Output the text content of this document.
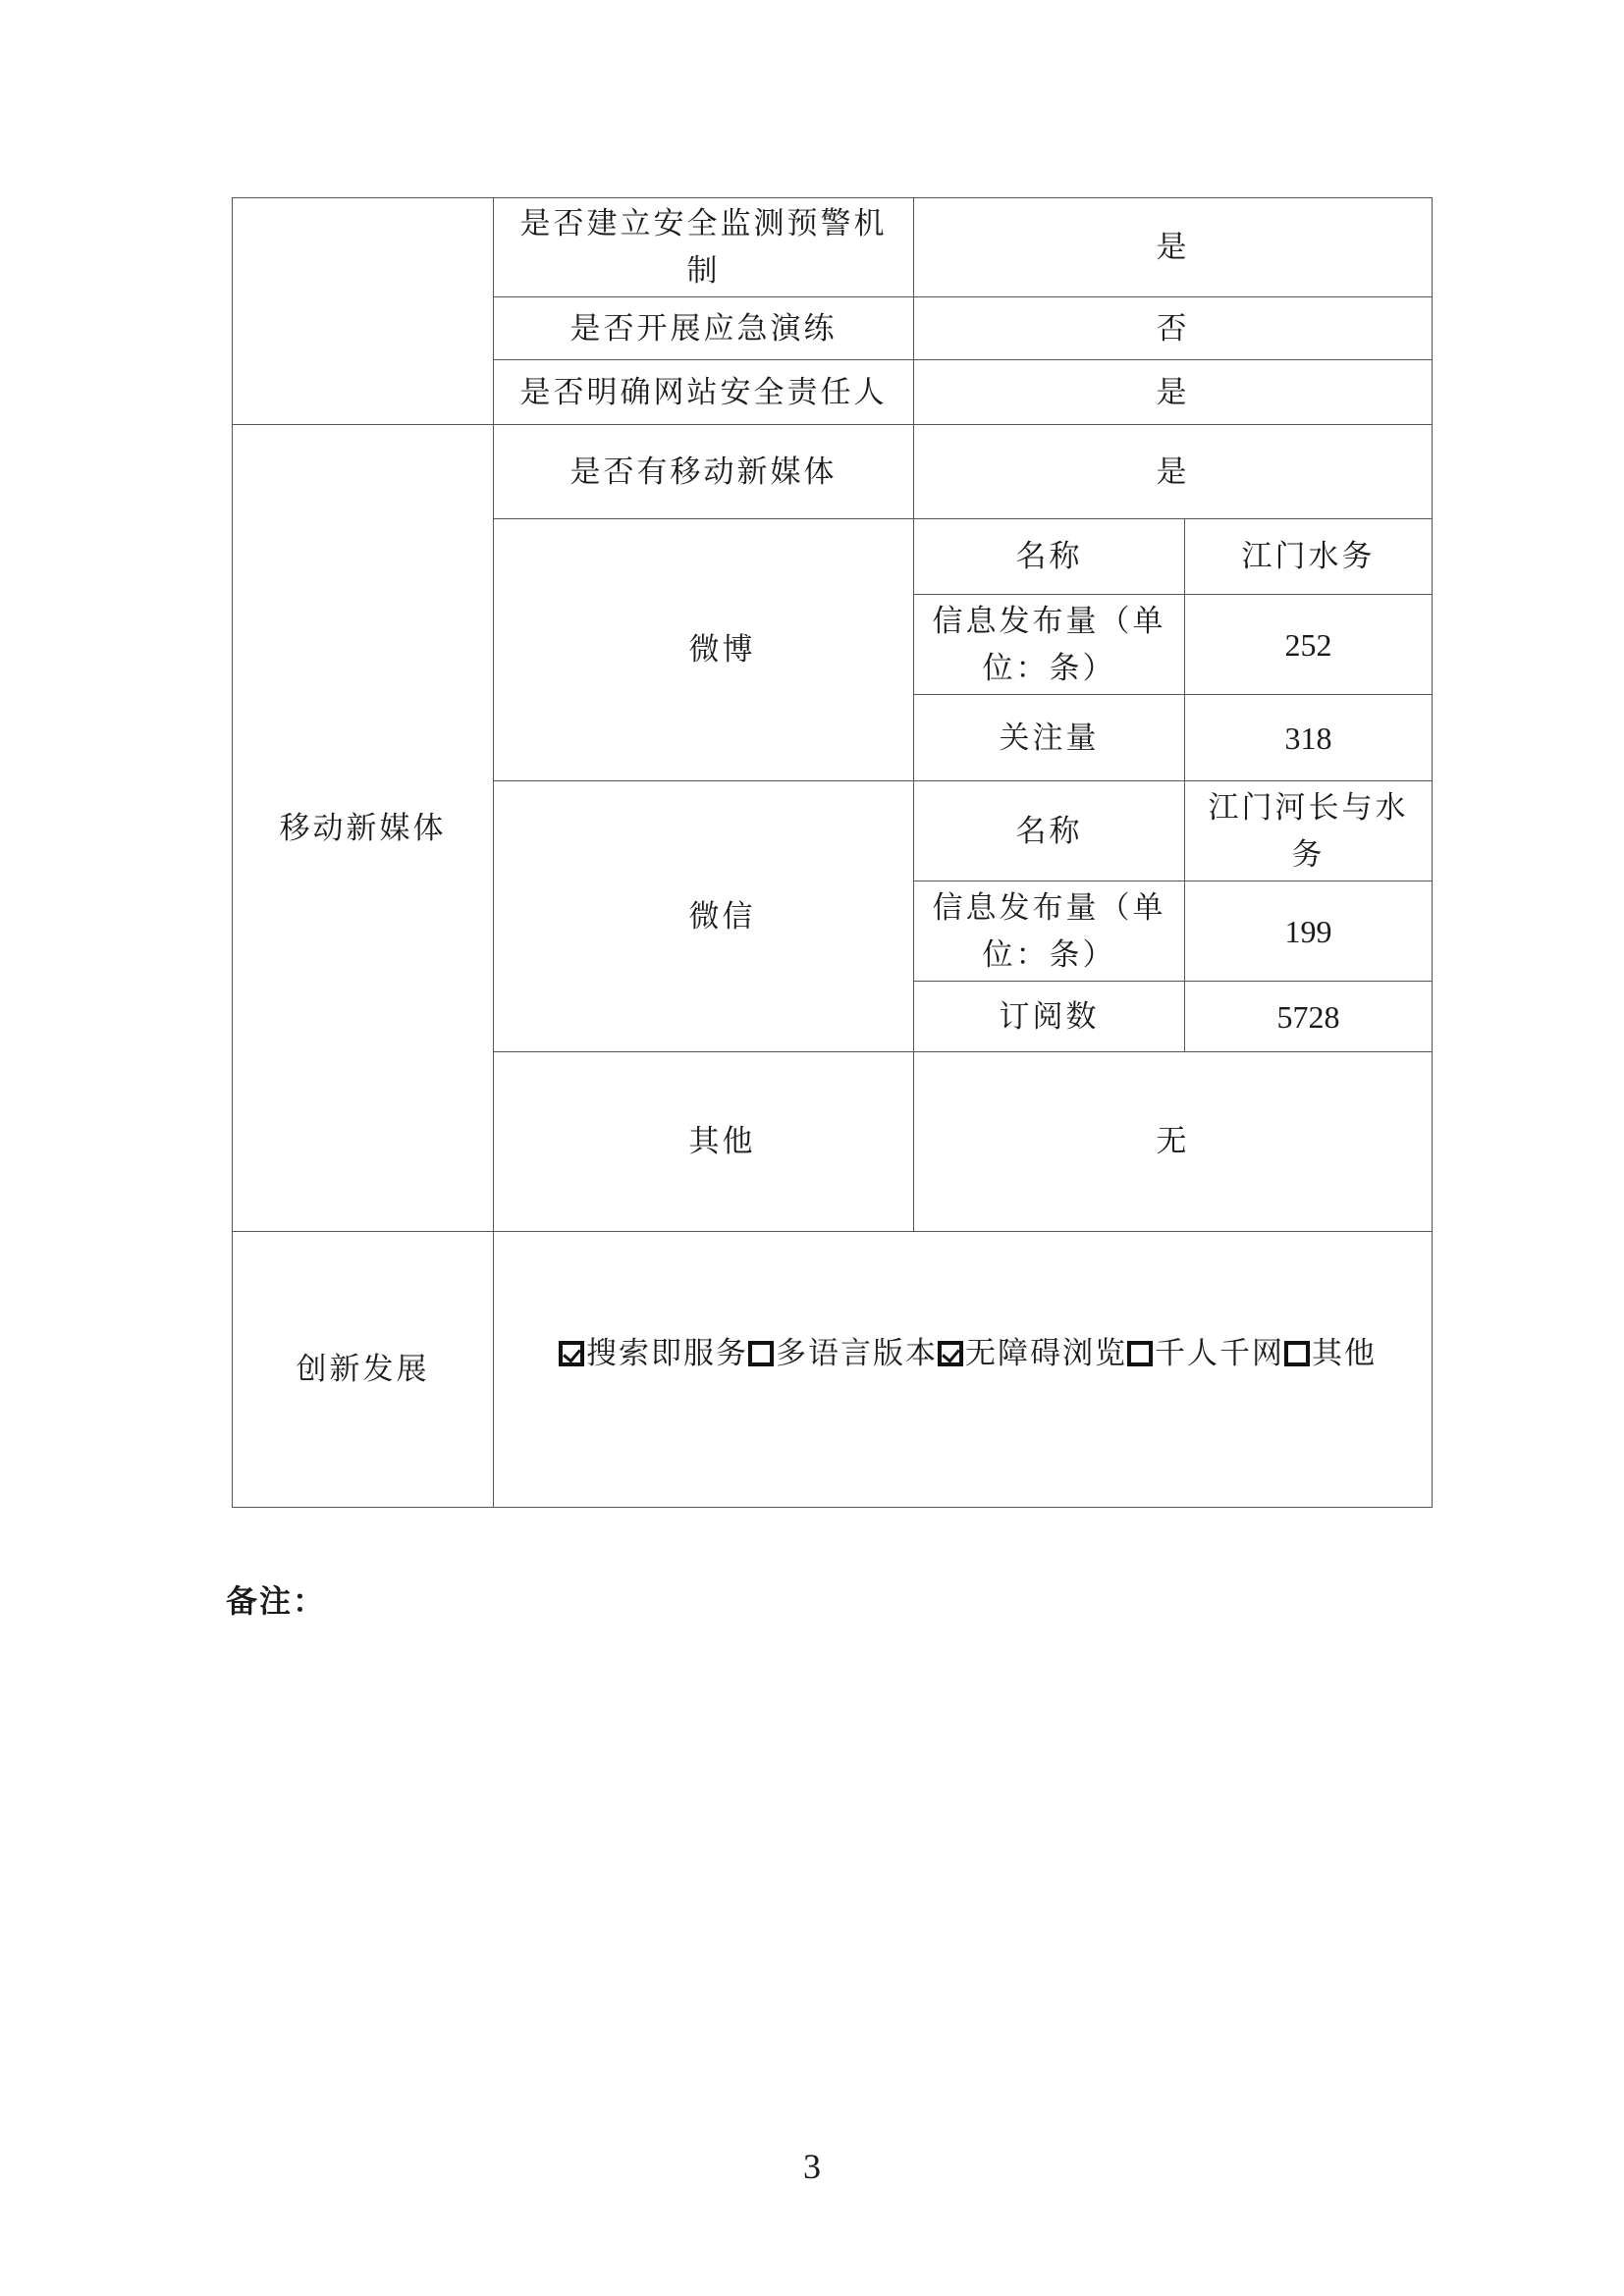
	是否建立安全监测预警机制	是	
	是否开展应急演练	否	
	是否明确网站安全责任人	是	
移动新媒体	是否有移动新媒体	是	
	微博	名称	江门水务
		信息发布量（单位：条）	252
		关注量	318
	微信	名称	江门河长与水务
		信息发布量（单位：条）	199
		订阅数	5728
	其他	无	
创新发展	搜索即服务 多语言版本 无障碍浏览 千人千网 其他		
备注：
3
